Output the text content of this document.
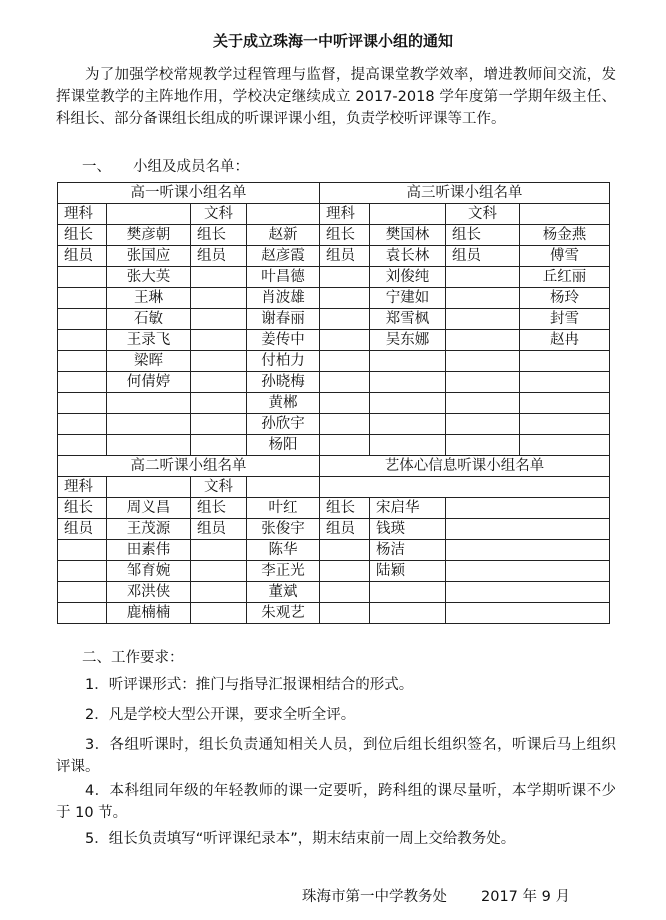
关于成立珠海一中听评课小组的通知
为了加强学校常规教学过程管理与监督，提高课堂教学效率，增进教师间交流，发挥课堂教学的主阵地作用，学校决定继续成立 2017-2018 学年度第一学期年级主任、科组长、部分备课组长组成的听课评课小组，负责学校听评课等工作。
一、 小组及成员名单：
高一听课小组名单				高三听课小组名单			
理科		文科		理科		文科	
组长	樊彦朝	组长	赵新	组长	樊国林	组长	杨金燕
组员	张国应	组员	赵彦霞	组员	袁长林	组员	傅雪
	张大英		叶昌德		刘俊纯		丘红丽
	王琳		肖波雄		宁建如		杨玲
	石敏		谢春丽		郑雪枫		封雪
	王录飞		姜传中		吴东娜		赵冉
	梁晖		付柏力				
	何倩婷		孙晓梅				
			黄郴				
			孙欣宇				
			杨阳				
高二听课小组名单				艺体心信息听课小组名单			
理科		文科					
组长	周义昌	组长	叶红	组长	宋启华		
组员	王茂源	组员	张俊宇	组员	钱瑛		
	田素伟		陈华		杨洁		
	邹育婉		李正光		陆颖		
	邓洪侠		董斌				
	鹿楠楠		朱观艺				
二、工作要求：
1．听评课形式：推门与指导汇报课相结合的形式。
2．凡是学校大型公开课，要求全听全评。
3．各组听课时，组长负责通知相关人员，到位后组长组织签名，听课后马上组织评课。
4．本科组同年级的年轻教师的课一定要听，跨科组的课尽量听，本学期听课不少于 10 节。
5．组长负责填写“听评课纪录本”，期末结束前一周上交给教务处。
珠海市第一中学教务处 2017 年 9 月
